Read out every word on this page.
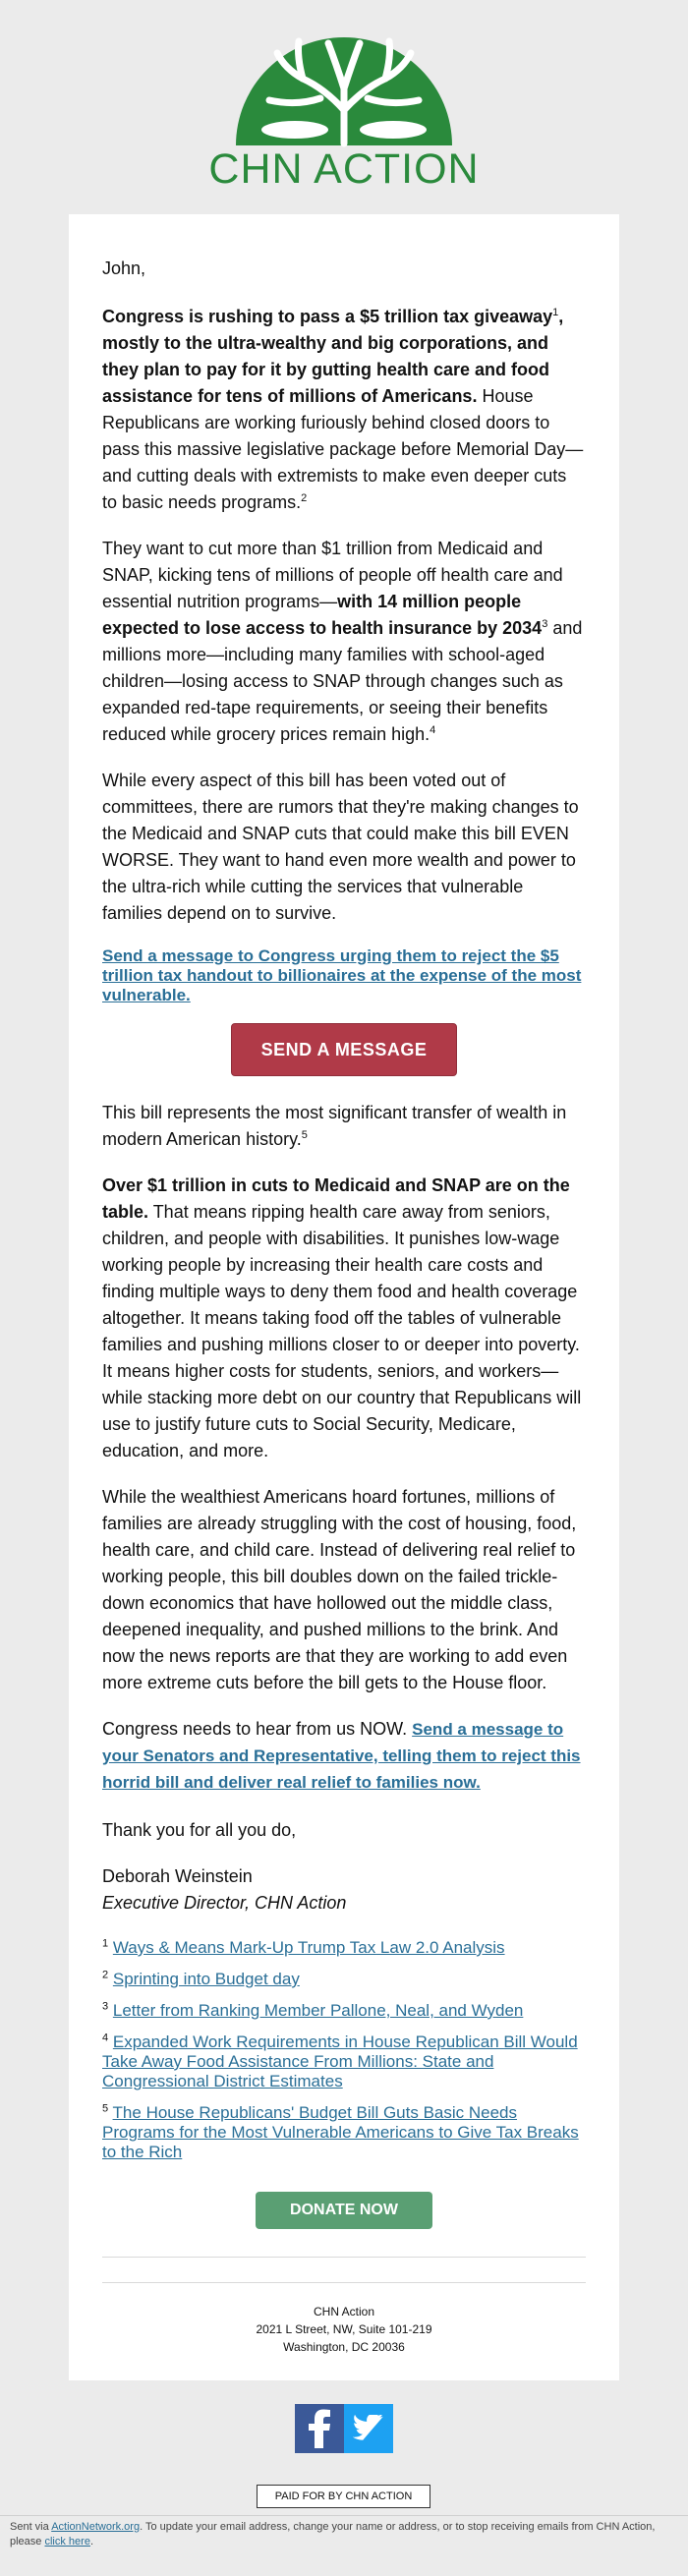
CHN ACTION

John,

Congress is rushing to pass a $5 trillion tax giveaway$^1$, mostly to the ultra-wealthy and big corporations, and they plan to pay for it by gutting health care and food assistance for tens of millions of Americans. House Republicans are working furiously behind closed doors to pass this massive legislative package before Memorial Day—and cutting deals with extremists to make even deeper cuts to basic needs programs.$^2$

They want to cut more than $1 trillion from Medicaid and SNAP, kicking tens of millions of people off health care and essential nutrition programs—with 14 million people expected to lose access to health insurance by 2034$^3$ and millions more—including many families with school-aged children—losing access to SNAP through changes such as expanded red-tape requirements, or seeing their benefits reduced while grocery prices remain high.$^4$

While every aspect of this bill has been voted out of committees, there are rumors that they're making changes to the Medicaid and SNAP cuts that could make this bill EVEN WORSE. They want to hand even more wealth and power to the ultra-rich while cutting the services that vulnerable families depend on to survive.

Send a message to Congress urging them to reject the $5 trillion tax handout to billionaires at the expense of the most vulnerable.
SEND A MESSAGE

This bill represents the most significant transfer of wealth in modern American history.$^5$

Over $1 trillion in cuts to Medicaid and SNAP are on the table. That means ripping health care away from seniors, children, and people with disabilities. It punishes low-wage working people by increasing their health care costs and finding multiple ways to deny them food and health coverage altogether. It means taking food off the tables of vulnerable families and pushing millions closer to or deeper into poverty. It means higher costs for students, seniors, and workers—while stacking more debt on our country that Republicans will use to justify future cuts to Social Security, Medicare, education, and more.

While the wealthiest Americans hoard fortunes, millions of families are already struggling with the cost of housing, food, health care, and child care. Instead of delivering real relief to working people, this bill doubles down on the failed trickle-down economics that have hollowed out the middle class, deepened inequality, and pushed millions to the brink. And now the news reports are that they are working to add even more extreme cuts before the bill gets to the House floor.

Congress needs to hear from us NOW. Send a message to your Senators and Representative, telling them to reject this horrid bill and deliver real relief to families now.

Thank you for all you do,

Deborah Weinstein

Executive Director, CHN Action

$^1$ Ways & Means Mark-Up Trump Tax Law 2.0 Analysis

$^2$ Sprinting into Budget day

$^3$ Letter from Ranking Member Pallone, Neal, and Wyden

$^4$ Expanded Work Requirements in House Republican Bill Would Take Away Food Assistance From Millions: State and Congressional District Estimates

$^5$ The House Republicans' Budget Bill Guts Basic Needs Programs for the Most Vulnerable Americans to Give Tax Breaks to the Rich

DONATE NOW
CHN Action
2021 L Street, NW, Suite 101-219
Washington, DC 20036
PAID FOR BY CHN ACTION
Sent via ActionNetwork.org. To update your email address, change your name or address, or to stop receiving emails from CHN Action, please click here.
